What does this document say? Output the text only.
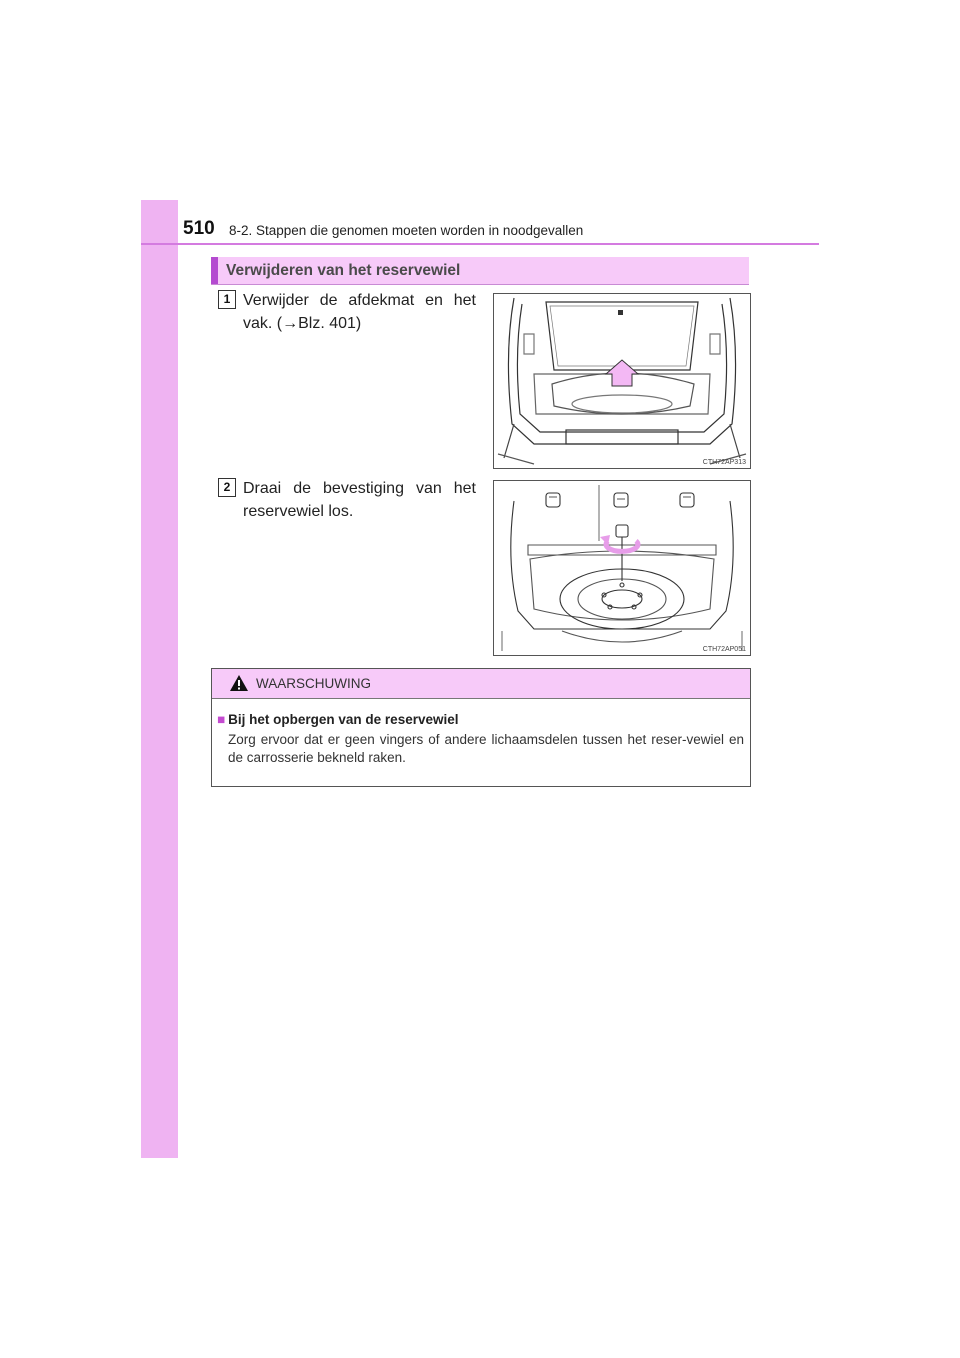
510 8-2. Stappen die genomen moeten worden in noodgevallen
Verwijderen van het reservewiel
1 Verwijder de afdekmat en het vak. (→Blz. 401)
CTH72AP313
2 Draai de bevestiging van het reservewiel los.
CTH72AP051
WAARSCHUWING
■ Bij het opbergen van de reservewiel
Zorg ervoor dat er geen vingers of andere lichaamsdelen tussen het reser-vewiel en de carrosserie bekneld raken.
